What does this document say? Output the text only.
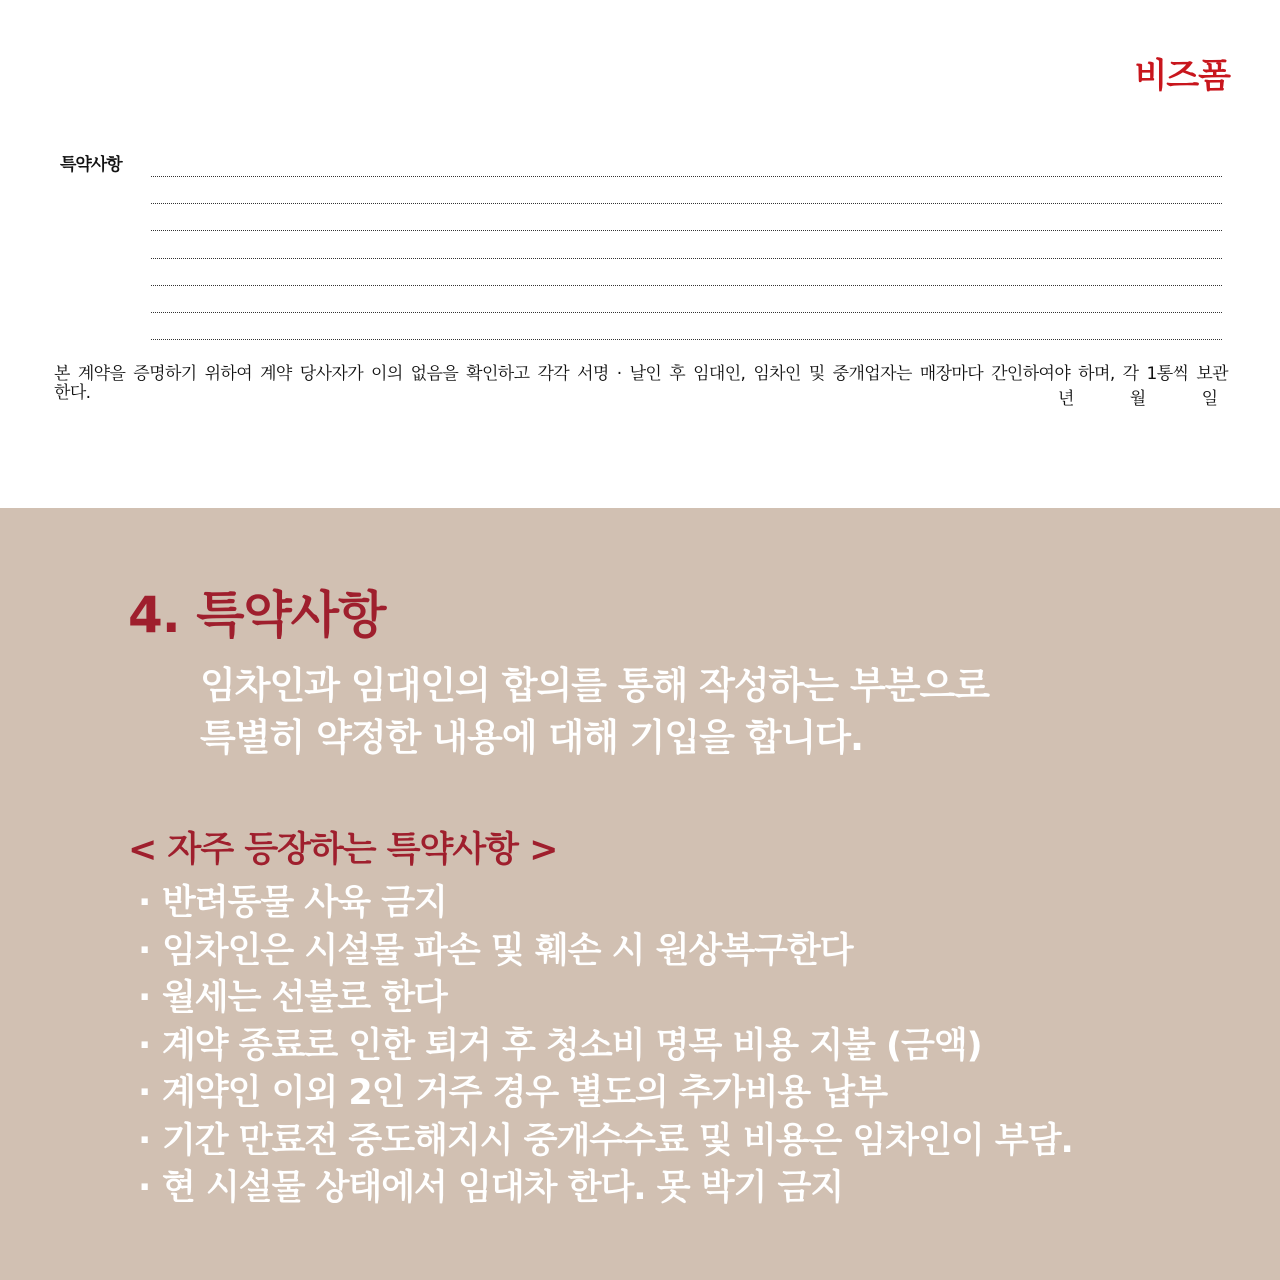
비즈폼
특약사항
본 계약을 증명하기 위하여 계약 당사자가 이의 없음을 확인하고 각각 서명 · 날인 후 임대인, 임차인 및 중개업자는 매장마다 간인하여야 하며, 각 1통씩 보관한다.	년	월	일
4. 특약사항
임차인과 임대인의 합의를 통해 작성하는 부분으로
특별히 약정한 내용에 대해 기입을 합니다.
< 자주 등장하는 특약사항 >
· 반려동물 사육 금지
· 임차인은 시설물 파손 및 훼손 시 원상복구한다
· 월세는 선불로 한다
· 계약 종료로 인한 퇴거 후 청소비 명목 비용 지불 (금액)
· 계약인 이외 2인 거주 경우 별도의 추가비용 납부
· 기간 만료전 중도해지시 중개수수료 및 비용은 임차인이 부담.
· 현 시설물 상태에서 임대차 한다. 못 박기 금지
